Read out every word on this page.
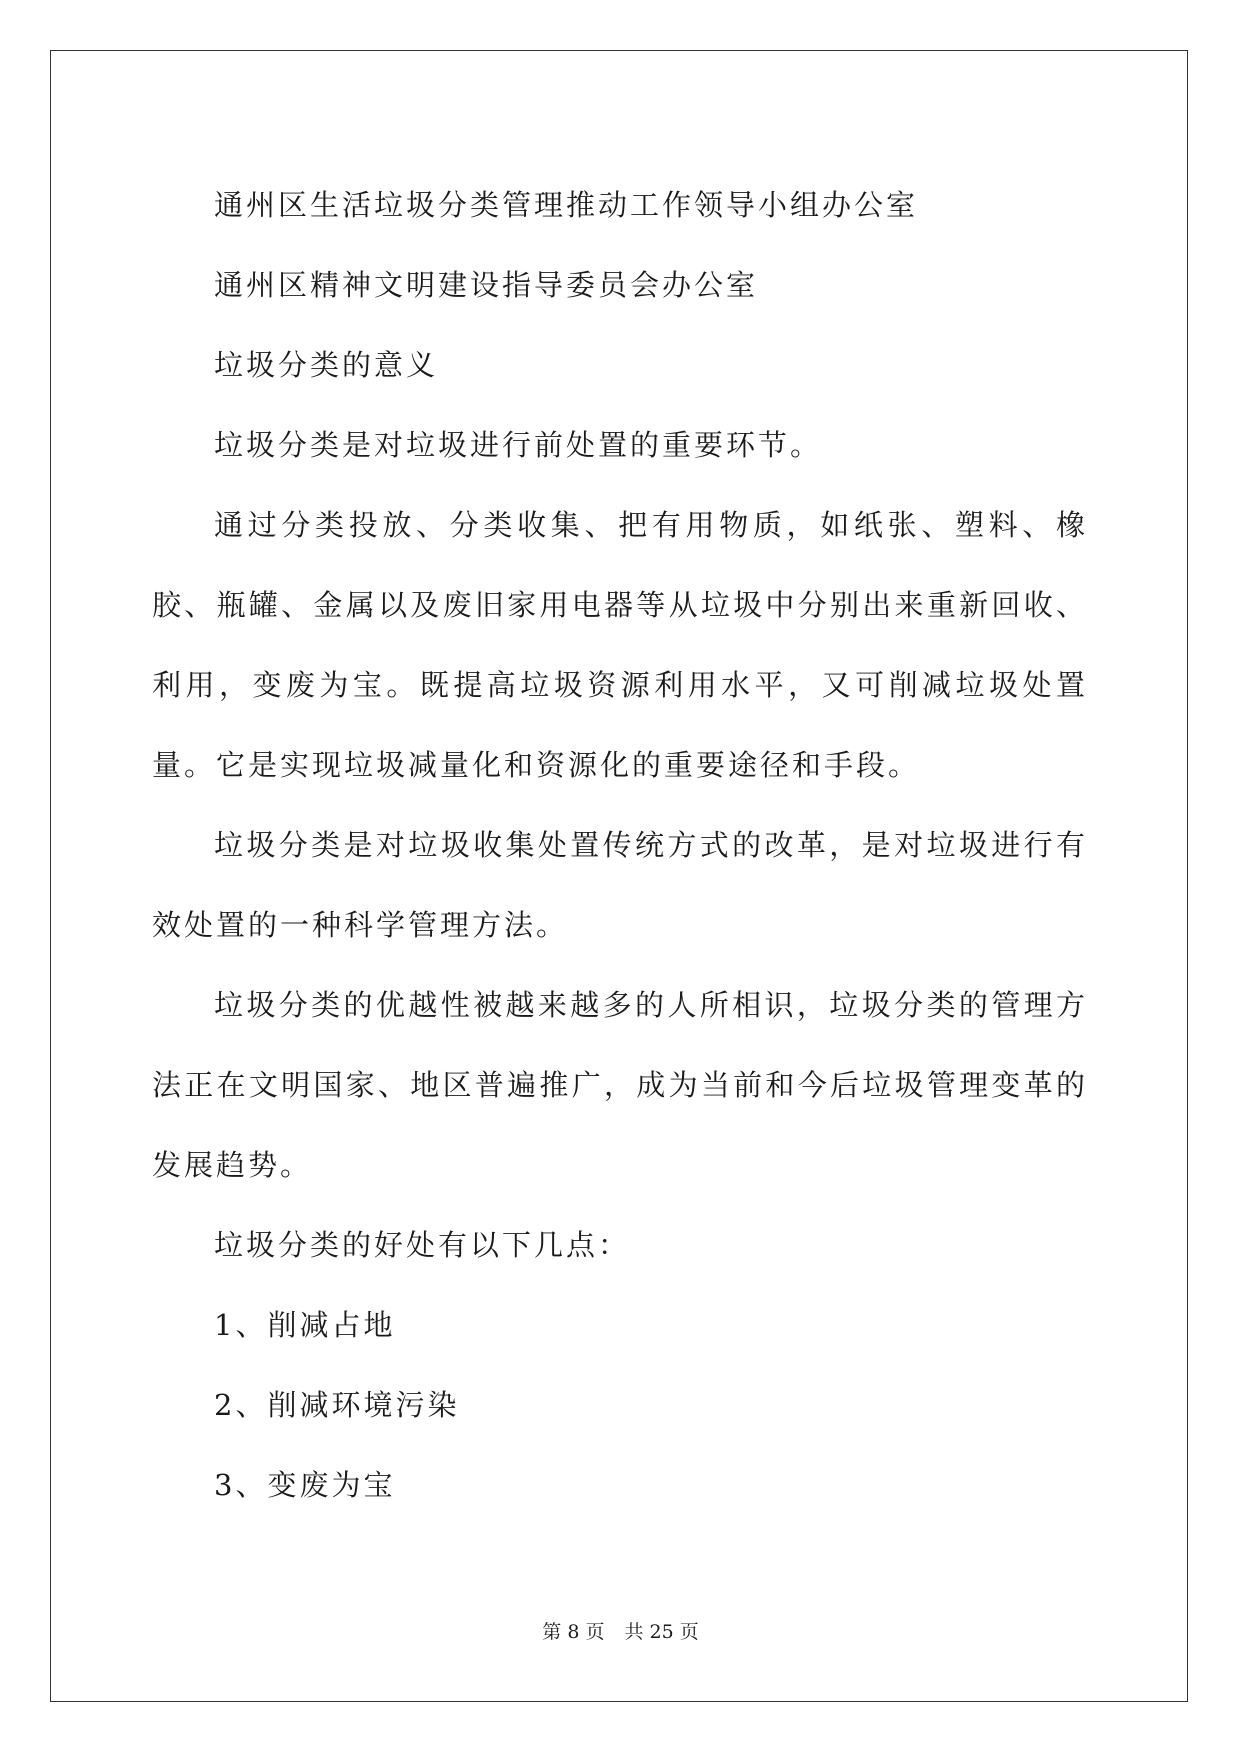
通州区生活垃圾分类管理推动工作领导小组办公室

通州区精神文明建设指导委员会办公室

垃圾分类的意义

垃圾分类是对垃圾进行前处置的重要环节。

通过分类投放、分类收集、把有用物质，如纸张、塑料、橡胶、瓶罐、金属以及废旧家用电器等从垃圾中分别出来重新回收、利用，变废为宝。既提高垃圾资源利用水平，又可削减垃圾处置量。它是实现垃圾减量化和资源化的重要途径和手段。

垃圾分类是对垃圾收集处置传统方式的改革，是对垃圾进行有效处置的一种科学管理方法。

垃圾分类的优越性被越来越多的人所相识，垃圾分类的管理方法正在文明国家、地区普遍推广，成为当前和今后垃圾管理变革的发展趋势。

垃圾分类的好处有以下几点：

1、削减占地

2、削减环境污染

3、变废为宝

第 8 页 共 25 页
